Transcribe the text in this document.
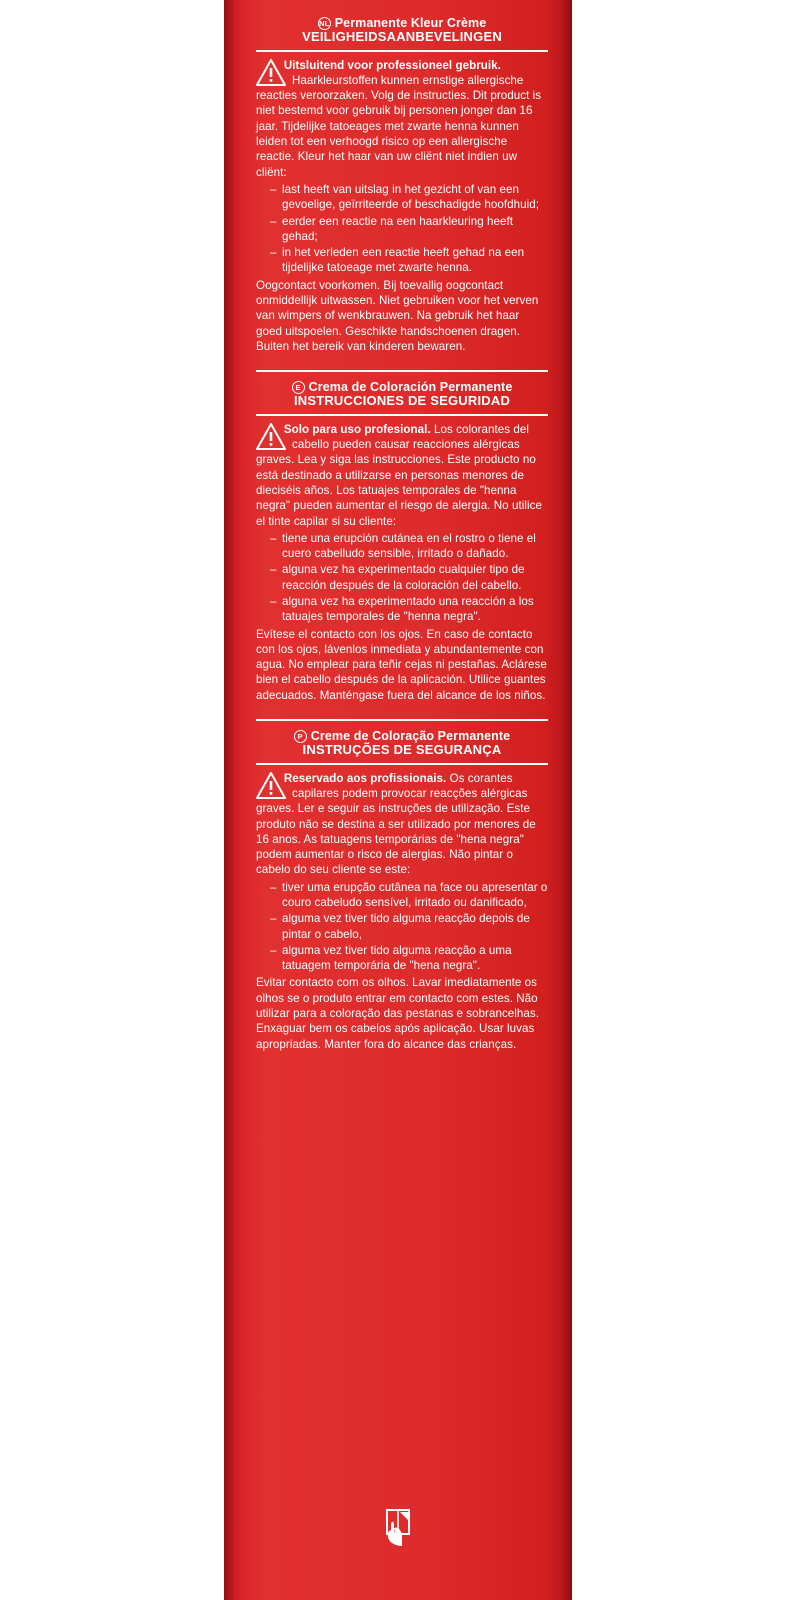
NL Permanente Kleur Crème
VEILIGHEIDSAANBEVELINGEN
Uitsluitend voor professioneel gebruik. Haarkleurstoffen kunnen ernstige allergische reacties veroorzaken. Volg de instructies. Dit product is niet bestemd voor gebruik bij personen jonger dan 16 jaar. Tijdelijke tatoeages met zwarte henna kunnen leiden tot een verhoogd risico op een allergische reactie. Kleur het haar van uw cliënt niet indien uw cliënt:
– last heeft van uitslag in het gezicht of van een gevoelige, geïrriteerde of beschadigde hoofdhuid;
– eerder een reactie na een haarkleuring heeft gehad;
– in het verleden een reactie heeft gehad na een tijdelijke tatoeage met zwarte henna.
Oogcontact voorkomen. Bij toevallig oogcontact onmiddellijk uitwassen. Niet gebruiken voor het verven van wimpers of wenkbrauwen. Na gebruik het haar goed uitspoelen. Geschikte handschoenen dragen. Buiten het bereik van kinderen bewaren.
E Crema de Coloración Permanente
INSTRUCCIONES DE SEGURIDAD
Solo para uso profesional. Los colorantes del cabello pueden causar reacciones alérgicas graves. Lea y siga las instrucciones. Este producto no está destinado a utilizarse en personas menores de dieciséis años. Los tatuajes temporales de "henna negra" pueden aumentar el riesgo de alergia. No utilice el tinte capilar si su cliente:
– tiene una erupción cutánea en el rostro o tiene el cuero cabelludo sensible, irritado o dañado.
– alguna vez ha experimentado cualquier tipo de reacción después de la coloración del cabello.
– alguna vez ha experimentado una reacción a los tatuajes temporales de "henna negra".
Evítese el contacto con los ojos. En caso de contacto con los ojos, lávenlos inmediata y abundantemente con agua. No emplear para teñir cejas ni pestañas. Aclárese bien el cabello después de la aplicación. Utilice guantes adecuados. Manténgase fuera del alcance de los niños.
P Creme de Coloração Permanente
INSTRUÇÕES DE SEGURANÇA
Reservado aos profissionais. Os corantes capilares podem provocar reacções alérgicas graves. Ler e seguir as instruções de utilização. Este produto não se destina a ser utilizado por menores de 16 anos. As tatuagens temporárias de "hena negra" podem aumentar o risco de alergias. Não pintar o cabelo do seu cliente se este:
– tiver uma erupção cutânea na face ou apresentar o couro cabeludo sensível, irritado ou danificado,
– alguma vez tiver tido alguma reacção depois de pintar o cabelo,
– alguma vez tiver tido alguma reacção a uma tatuagem temporária de "hena negra".
Evitar contacto com os olhos. Lavar imediatamente os olhos se o produto entrar em contacto com estes. Não utilizar para a coloração das pestanas e sobrancelhas. Enxaguar bem os cabelos após aplicação. Usar luvas apropriadas. Manter fora do alcance das crianças.
